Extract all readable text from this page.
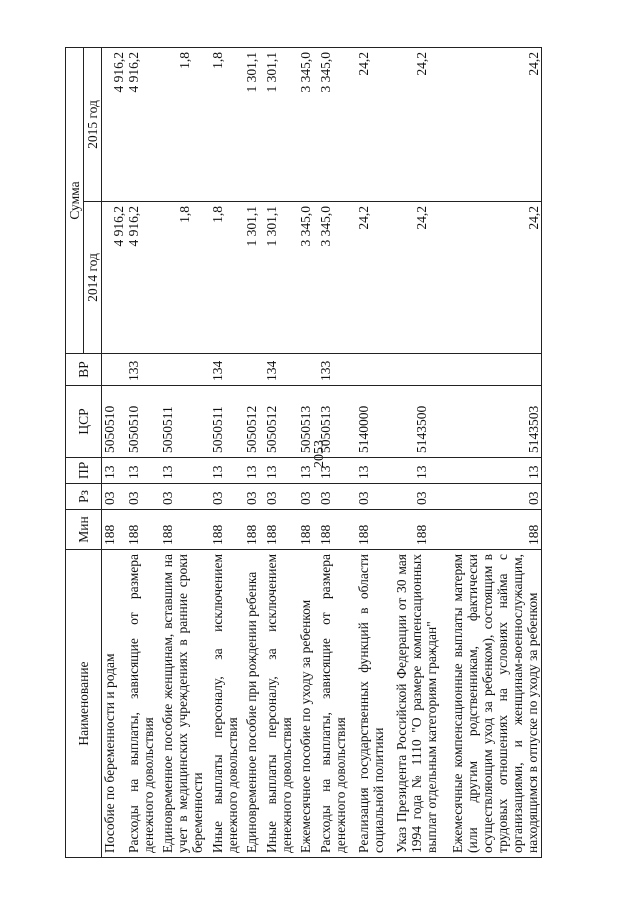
2053
Наименование	Мин	Рз	ПР	ЦСР	ВР	Сумма	
						2014 год	2015 год
Пособие по беременности и родам	188	03	13	5050510		4 916,2	4 916,2
Расходы на выплаты, зависящие от размера денежного довольствия	188	03	13	5050510	133	4 916,2	4 916,2
Единовременное пособие женщинам, вставшим на учет в медицинских учреждениях в ранние сроки беременности	188	03	13	5050511		1,8	1,8
Иные выплаты персоналу, за исключением денежного довольствия	188	03	13	5050511	134	1,8	1,8
Единовременное пособие при рождении ребенка	188	03	13	5050512		1 301,1	1 301,1
Иные выплаты персоналу, за исключением денежного довольствия	188	03	13	5050512	134	1 301,1	1 301,1
Ежемесячное пособие по уходу за ребенком	188	03	13	5050513		3 345,0	3 345,0
Расходы на выплаты, зависящие от размера денежного довольствия	188	03	13	5050513	133	3 345,0	3 345,0
Реализация государственных функций в области социальной политики	188	03	13	5140000		24,2	24,2
Указ Президента Российской Федерации от 30 мая 1994 года № 1110 "О размере компенсационных выплат отдельным категориям граждан"	188	03	13	5143500		24,2	24,2
Ежемесячные компенсационные выплаты матерям (или другим родственникам, фактически осуществляющим уход за ребенком), состоящим в трудовых отношениях на условиях найма с организациями, и женщинам-военнослужащим, находящимся в отпуске по уходу за ребенком	188	03	13	5143503		24,2	24,2
